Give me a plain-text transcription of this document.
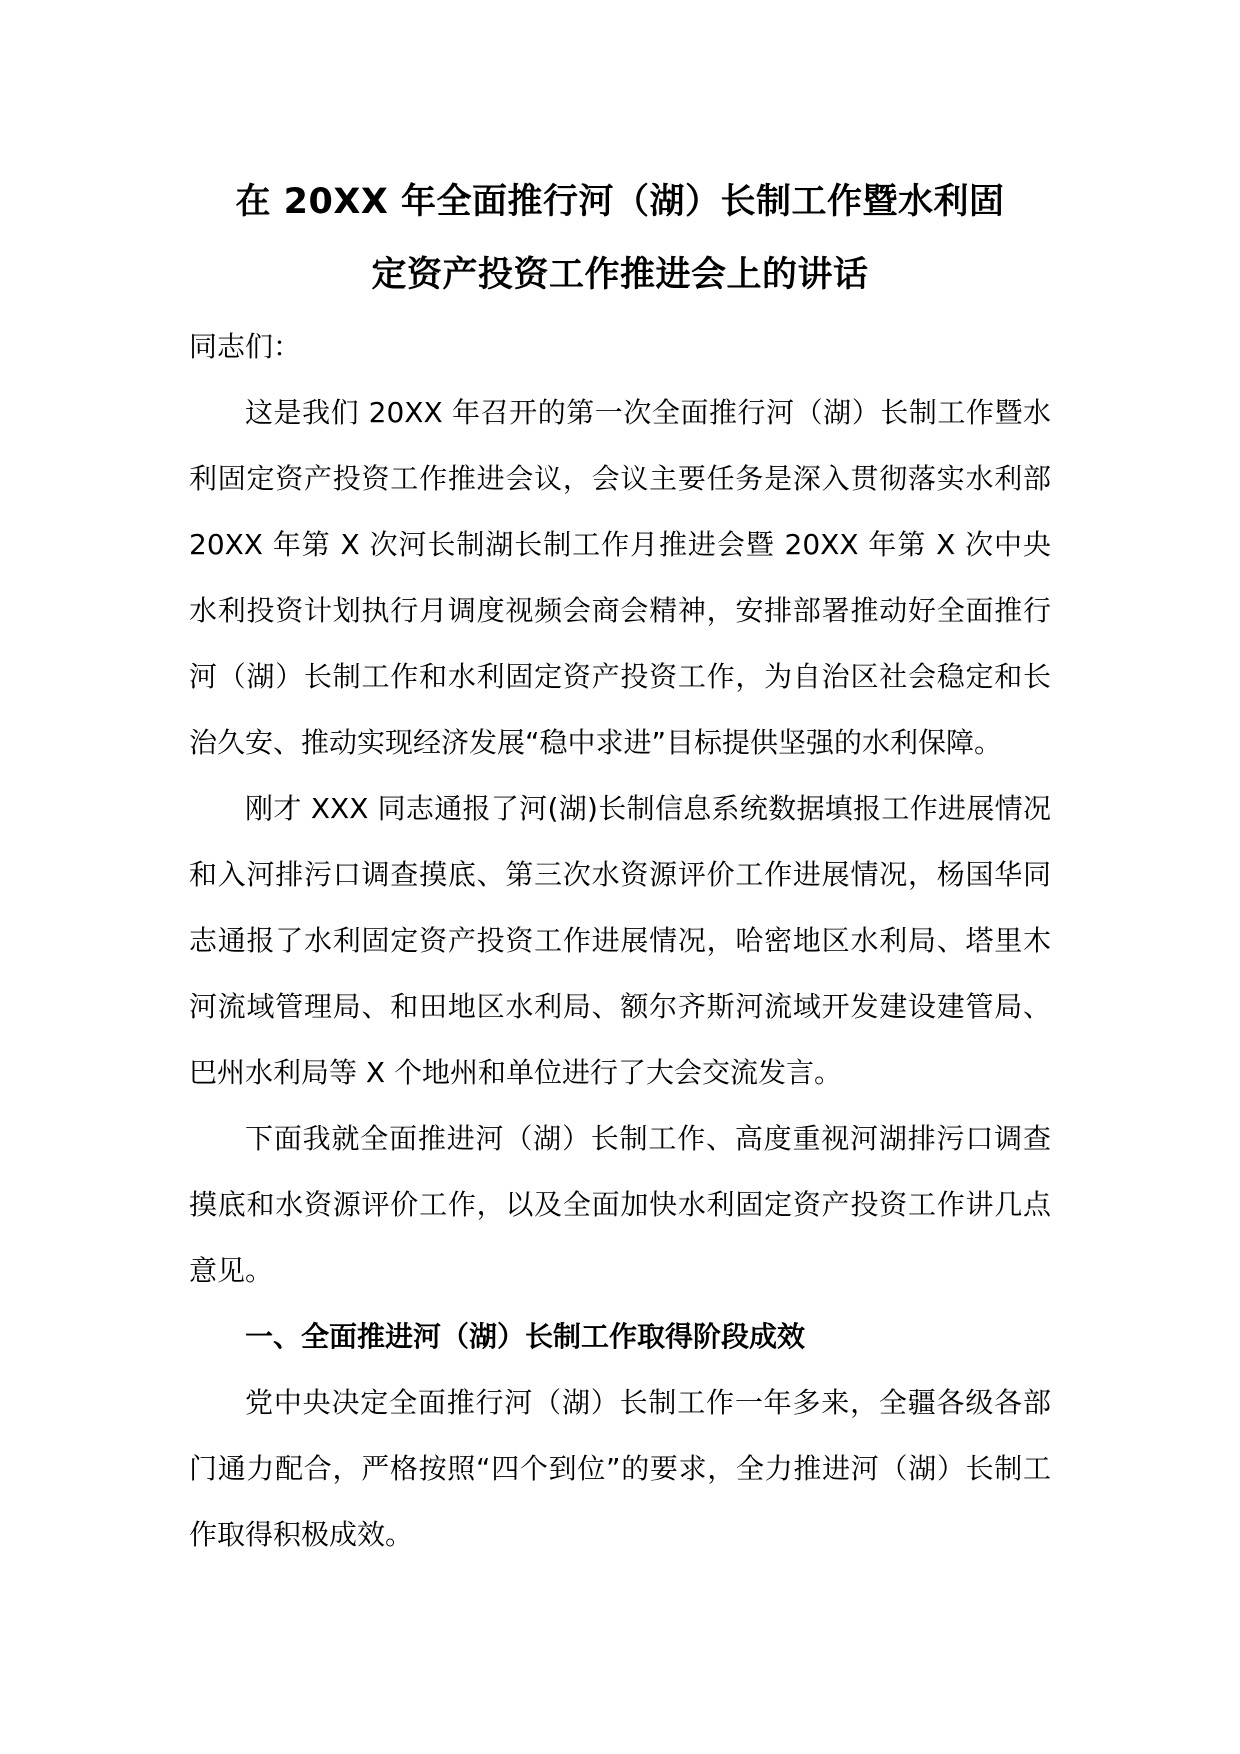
在 20XX 年全面推行河（湖）长制工作暨水利固
定资产投资工作推进会上的讲话

同志们：

这是我们 20XX 年召开的第一次全面推行河（湖）长制工作暨水利固定资产投资工作推进会议，会议主要任务是深入贯彻落实水利部 20XX 年第 X 次河长制湖长制工作月推进会暨 20XX 年第 X 次中央水利投资计划执行月调度视频会商会精神，安排部署推动好全面推行河（湖）长制工作和水利固定资产投资工作，为自治区社会稳定和长治久安、推动实现经济发展“稳中求进”目标提供坚强的水利保障。

刚才 XXX 同志通报了河(湖)长制信息系统数据填报工作进展情况和入河排污口调查摸底、第三次水资源评价工作进展情况，杨国华同志通报了水利固定资产投资工作进展情况，哈密地区水利局、塔里木河流域管理局、和田地区水利局、额尔齐斯河流域开发建设建管局、巴州水利局等 X 个地州和单位进行了大会交流发言。

下面我就全面推进河（湖）长制工作、高度重视河湖排污口调查摸底和水资源评价工作，以及全面加快水利固定资产投资工作讲几点意见。

一、全面推进河（湖）长制工作取得阶段成效

党中央决定全面推行河（湖）长制工作一年多来，全疆各级各部门通力配合，严格按照“四个到位”的要求，全力推进河（湖）长制工作取得积极成效。
